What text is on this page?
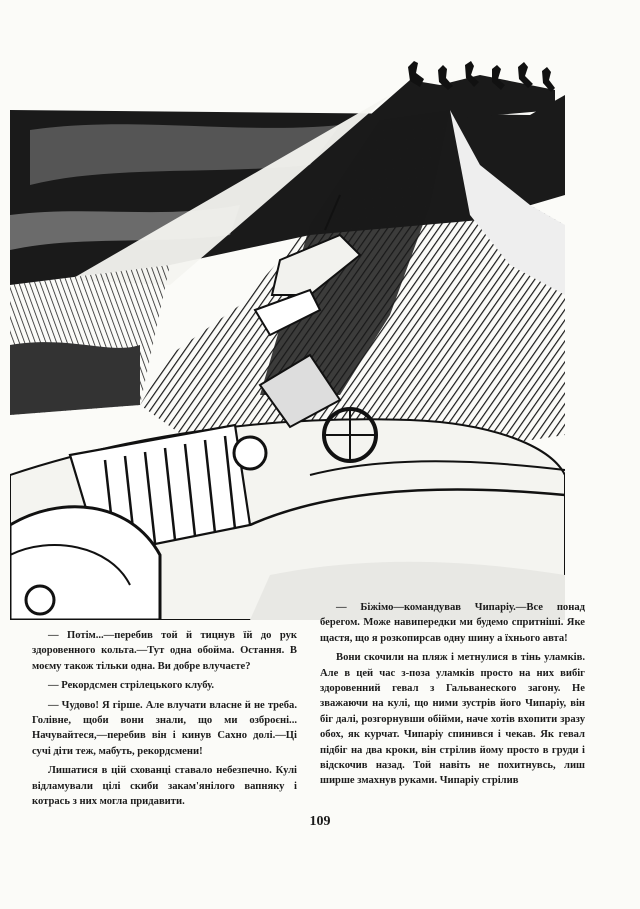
— Потім...—перебив той й тицнув їй до рук здоровенного кольта.—Тут одна обойма. Остання. В моєму також тільки одна. Ви добре влучаєте?

— Рекордсмен стрілецького клубу.

— Чудово! Я гірше. Але влучати власне й не треба. Голівне, щоби вони знали, що ми озброєні... Начувайтеся,—перебив він і кинув Сахно долі.—Ці сучі діти теж, мабуть, рекордсмени!

Лишатися в цій схованці ставало небезпечно. Кулі відламували цілі скиби закам'янілого вапняку і котрась з них могла придавити.

— Біжімо—командував Чипаріу.—Все понад берегом. Може навипередки ми будемо спритніші. Яке щастя, що я розкопирсав одну шину а їхнього авта!

Вони скочили на пляж і метнулися в тінь уламків. Але в цей час з-поза уламків просто на них вибіг здоровенний гевал з Гальванеского загону. Не зважаючи на кулі, що ними зустрів його Чипаріу, він біг далі, розгорнувши обійми, наче хотів вхопити зразу обох, як курчат. Чипаріу спинився і чекав. Як гевал підбіг на два кроки, він стрілив йому просто в груди і відскочив назад. Той навіть не похитнувсь, лиш ширше змахнув руками. Чипаріу стрілив

109
